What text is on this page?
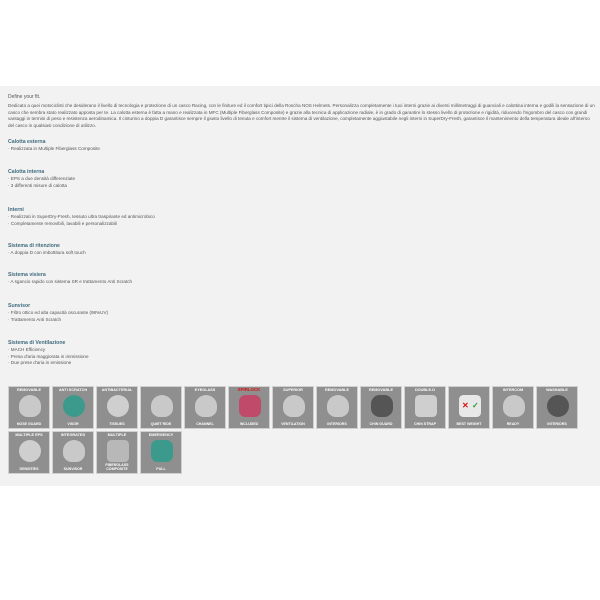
Define your fit.

Dedicato a quei motociclisti che desiderano il livello di tecnologia e protezione di un casco Racing, con le finiture ed il comfort tipici della Roscha NOS Helmets. Personalizza completamente i tuoi interni grazie ai diversi millimetraggi di guanciali e calottina interna e godili la sensazione di un casco che sembra stato realizzato apposta per te. La calotta esterna è fatta a mano e realizzata in MFC (Multiple Fiberglass Composite) e grazie alla tecnica di applicazione radiale, è in grado di garantire lo stesso livello di protezione e rigidità, riducendo l'ingombro del casco con grandi vantaggi in termini di peso e resistenza aerodinamica. Il cinturino a doppia D garantisce sempre il giusto livello di tenuta e comfort mentre il sistema di ventilazione, completamente aggiustabile negli interni in SuperDry-Fresh, garantisce il mantenimento della temperatura ideale all'interno del casco in qualsiasi condizione di utilizzo.

Calotta esterna
· Realizzata in Multiple Fiberglass Composite
Calotta interna
· EPS a due densità differenziate
· 3 differenti misure di calotta
Interni
· Realizzati in SuperDry-Fresh, tessuto ultra traspirante ed antimicrobico
· Completamente removibili, lavabili e personalizzabili
Sistema di ritenzione
· A doppia D con imbottitura soft touch
Sistema visiera
· A sgancio rapido con sistema SR e trattamento Anti Scratch
Sunvisor
· Filtro ottico ed alta capacità oscurante (98%UV)
· Trattamento Anti Scratch
Sistema di Ventilazione
· MACH Efficiency
· Presa d'aria maggiorata in immissione
· Due prese d'aria in emissione
REMOVABLE
NOSE GUARD
ANTI SCRATCH
VISOR
ANTIBACTERIAL
TISSUES	QUIET RIDE
EYEGLASS
CHANNEL
SPIRLOCK
INCLUDED
SUPERIOR
VENTILATION
REMOVABLE
INTERIORS
REMOVABLE
CHIN GUARD
DOUBLE-D
CHIN STRAP
✕ ✓
BEST WEIGHT
INTERCOM
READY
WASHABLE
INTERIORS
MULTIPLE EPS
DENSITIES
INTEGRATED
SUNVISOR
MULTIPLE
FIBERGLASS COMPOSITE
EMERGENCY
PULL
